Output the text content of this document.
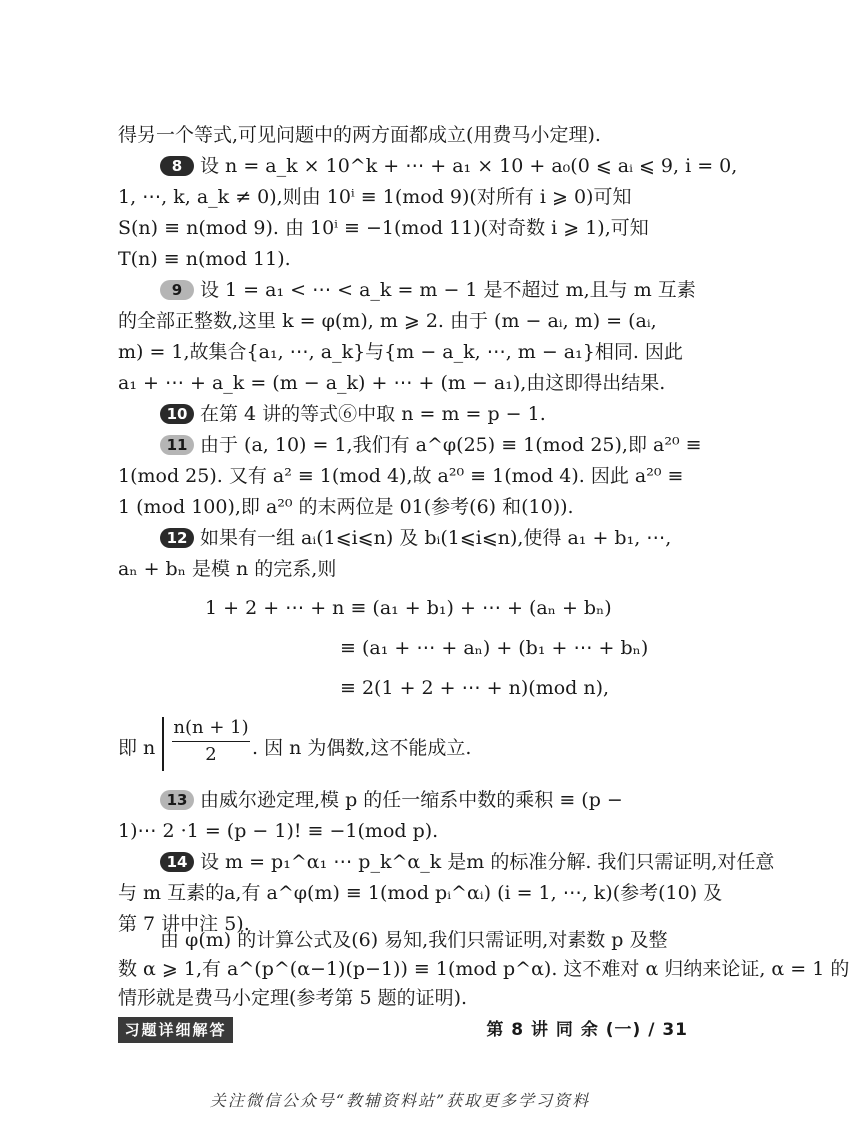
得另一个等式,可见问题中的两方面都成立(用费马小定理).
8 设 n = a_k × 10^k + ⋯ + a₁ × 10 + a₀(0 ⩽ aᵢ ⩽ 9, i = 0,
1, ⋯, k, a_k ≠ 0),则由 10ⁱ ≡ 1(mod 9)(对所有 i ⩾ 0)可知
S(n) ≡ n(mod 9). 由 10ⁱ ≡ −1(mod 11)(对奇数 i ⩾ 1),可知
T(n) ≡ n(mod 11).
9 设 1 = a₁ < ⋯ < a_k = m − 1 是不超过 m,且与 m 互素
的全部正整数,这里 k = φ(m), m ⩾ 2. 由于 (m − aᵢ, m) = (aᵢ,
m) = 1,故集合{a₁, ⋯, a_k}与{m − a_k, ⋯, m − a₁}相同. 因此
a₁ + ⋯ + a_k = (m − a_k) + ⋯ + (m − a₁),由这即得出结果.
10 在第 4 讲的等式⑥中取 n = m = p − 1.
11 由于 (a, 10) = 1,我们有 a^φ(25) ≡ 1(mod 25),即 a²⁰ ≡
1(mod 25). 又有 a² ≡ 1(mod 4),故 a²⁰ ≡ 1(mod 4). 因此 a²⁰ ≡
1 (mod 100),即 a²⁰ 的末两位是 01(参考(6) 和(10)).
12 如果有一组 aᵢ(1⩽i⩽n) 及 bᵢ(1⩽i⩽n),使得 a₁ + b₁, ⋯,
aₙ + bₙ 是模 n 的完系,则
1 + 2 + ⋯ + n ≡ (a₁ + b₁) + ⋯ + (aₙ + bₙ)
≡ (a₁ + ⋯ + aₙ) + (b₁ + ⋯ + bₙ)
≡ 2(1 + 2 + ⋯ + n)(mod n),
即 n $\frac{n(n + 1)}{2}$ . 因 n 为偶数,这不能成立.
13 由威尔逊定理,模 p 的任一缩系中数的乘积 ≡ (p −
1)⋯ 2 ·1 = (p − 1)! ≡ −1(mod p).
14 设 m = p₁^α₁ ⋯ p_k^α_k 是m 的标准分解. 我们只需证明,对任意
与 m 互素的a,有 a^φ(m) ≡ 1(mod pᵢ^αᵢ) (i = 1, ⋯, k)(参考(10) 及
第 7 讲中注 5).
由 φ(m) 的计算公式及(6) 易知,我们只需证明,对素数 p 及整
数 α ⩾ 1,有 a^(p^(α−1)(p−1)) ≡ 1(mod p^α). 这不难对 α 归纳来论证, α = 1 的
习题详细解答	第 8 讲 同 余 (一) / 31
关注微信公众号“教辅资料站”获取更多学习资料
情形就是费马小定理(参考第 5 题的证明).
